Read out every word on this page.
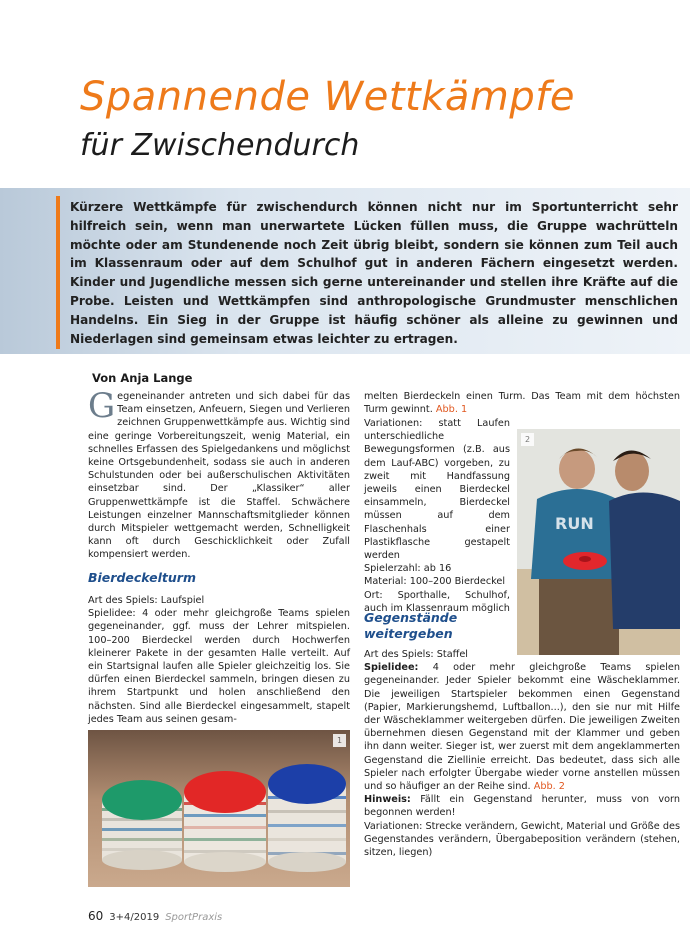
Spannende Wettkämpfe
für Zwischendurch
Kürzere Wettkämpfe für zwischendurch können nicht nur im Sportunterricht sehr hilfreich sein, wenn man unerwartete Lücken füllen muss, die Gruppe wachrütteln möchte oder am Stundenende noch Zeit übrig bleibt, sondern sie können zum Teil auch im Klassenraum oder auf dem Schulhof gut in anderen Fächern eingesetzt werden. Kinder und Jugendliche messen sich gerne untereinander und stellen ihre Kräfte auf die Probe. Leisten und Wettkämpfen sind anthropologische Grundmuster menschlichen Handelns. Ein Sieg in der Gruppe ist häufig schöner als alleine zu gewinnen und Niederlagen sind gemeinsam etwas leichter zu ertragen.
Von Anja Lange
Gegeneinander antreten und sich dabei für das Team einsetzen, Anfeuern, Siegen und Verlieren zeichnen Gruppenwettkämpfe aus. Wichtig sind eine geringe Vorbereitungszeit, wenig Material, ein schnelles Erfassen des Spielgedankens und möglichst keine Ortsgebundenheit, sodass sie auch in anderen Schulstunden oder bei außerschulischen Aktivitäten einsetzbar sind. Der „Klassiker“ aller Gruppenwettkämpfe ist die Staffel. Schwächere Leistungen einzelner Mannschaftsmitglieder können durch Mitspieler wettgemacht werden, Schnelligkeit kann oft durch Geschicklichkeit oder Zufall kompensiert werden.
Bierdeckelturm

Art des Spiels: Laufspiel

Spielidee: 4 oder mehr gleichgroße Teams spielen gegeneinander, ggf. muss der Lehrer mitspielen. 100–200 Bierdeckel werden durch Hochwerfen kleinerer Pakete in der gesamten Halle verteilt. Auf ein Startsignal laufen alle Spieler gleichzeitig los. Sie dürfen einen Bierdeckel sammeln, bringen diesen zu ihrem Startpunkt und holen anschließend den nächsten. Sind alle Bierdeckel eingesammelt, stapelt jedes Team aus seinen gesam-

1

melten Bierdeckeln einen Turm. Das Team mit dem höchsten Turm gewinnt. Abb. 1

Variationen: statt Laufen unterschiedliche Bewegungsformen (z.B. aus dem Lauf-ABC) vorgeben, zu zweit mit Handfassung jeweils einen Bierdeckel einsammeln, Bierdeckel müssen auf dem Flaschenhals einer Plastikflasche gestapelt werden

Spielerzahl: ab 16

Material: 100–200 Bierdeckel

Ort: Sporthalle, Schulhof, auch im Klassenraum möglich

RUN
2
Gegenstände
weitergeben

Art des Spiels: Staffel

Spielidee: 4 oder mehr gleichgroße Teams spielen gegeneinander. Jeder Spieler bekommt eine Wäscheklammer. Die jeweiligen Startspieler bekommen einen Gegenstand (Papier, Markierungshemd, Luftballon...), den sie nur mit Hilfe der Wäscheklammer weitergeben dürfen. Die jeweiligen Zweiten übernehmen diesen Gegenstand mit der Klammer und geben ihn dann weiter. Sieger ist, wer zuerst mit dem angeklammerten Gegenstand die Ziellinie erreicht. Das bedeutet, dass sich alle Spieler nach erfolgter Übergabe wieder vorne anstellen müssen und so häufiger an der Reihe sind. Abb. 2

Hinweis: Fällt ein Gegenstand herunter, muss von vorn begonnen werden!

Variationen: Strecke verändern, Gewicht, Material und Größe des Gegenstandes verändern, Übergabeposition verändern (stehen, sitzen, liegen)

60 3+4/2019 SportPraxis
